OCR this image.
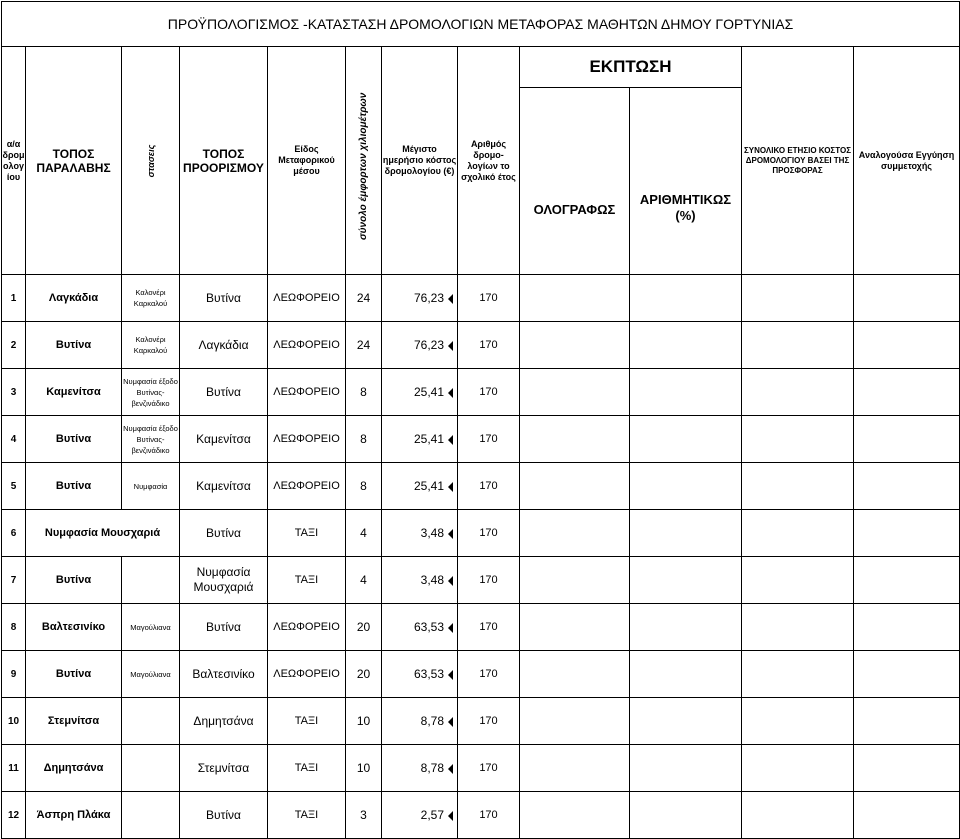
ΠΡΟΫΠΟΛΟΓΙΣΜΟΣ -ΚΑΤΑΣΤΑΣΗ ΔΡΟΜΟΛΟΓΙΩΝ ΜΕΤΑΦΟΡΑΣ ΜΑΘΗΤΩΝ ΔΗΜΟΥ ΓΟΡΤΥΝΙΑΣ											
α/α δρομ ολογ ίου	ΤΟΠΟΣ ΠΑΡΑΛΑΒΗΣ	στασεις	ΤΟΠΟΣ ΠΡΟΟΡΙΣΜΟΥ	Είδος Μεταφορικού μέσου	σύνολο έμφορτων χιλιομέτρων	Μέγιστο ημερήσιο κόστος δρομολογίου (€)	Αριθμός δρομο-λογίων το σχολικό έτος	ΕΚΠΤΩΣΗ		ΣΥΝΟΛΙΚΟ ΕΤΗΣΙΟ ΚΟΣΤΟΣ ΔΡΟΜΟΛΟΓΙΟΥ ΒΑΣΕΙ ΤΗΣ ΠΡΟΣΦΟΡΑΣ	Αναλογούσα Εγγύηση συμμετοχής
								ΟΛΟΓΡΑΦΩΣ	ΑΡΙΘΜΗΤΙΚΩΣ (%)		
1	Λαγκάδια	Καλονέρι Καρκαλού	Βυτίνα	ΛΕΩΦΟΡΕΙΟ	24	76,23	170				
2	Βυτίνα	Καλονέρι Καρκαλού	Λαγκάδια	ΛΕΩΦΟΡΕΙΟ	24	76,23	170				
3	Καμενίτσα	Νυμφασία έξοδο Βυτίνας-βενζινάδικο	Βυτίνα	ΛΕΩΦΟΡΕΙΟ	8	25,41	170				
4	Βυτίνα	Νυμφασία έξοδο Βυτίνας-βενζινάδικο	Καμενίτσα	ΛΕΩΦΟΡΕΙΟ	8	25,41	170				
5	Βυτίνα	Νυμφασία	Καμενίτσα	ΛΕΩΦΟΡΕΙΟ	8	25,41	170				
6	Νυμφασία Μουσχαριά		Βυτίνα	ΤΑΞΙ	4	3,48	170				
7	Βυτίνα		Νυμφασία Μουσχαριά	ΤΑΞΙ	4	3,48	170				
8	Βαλτεσινίκο	Μαγούλιανα	Βυτίνα	ΛΕΩΦΟΡΕΙΟ	20	63,53	170				
9	Βυτίνα	Μαγούλιανα	Βαλτεσινίκο	ΛΕΩΦΟΡΕΙΟ	20	63,53	170				
10	Στεμνίτσα		Δημητσάνα	ΤΑΞΙ	10	8,78	170				
11	Δημητσάνα		Στεμνίτσα	ΤΑΞΙ	10	8,78	170				
12	Άσπρη Πλάκα		Βυτίνα	ΤΑΞΙ	3	2,57	170				
